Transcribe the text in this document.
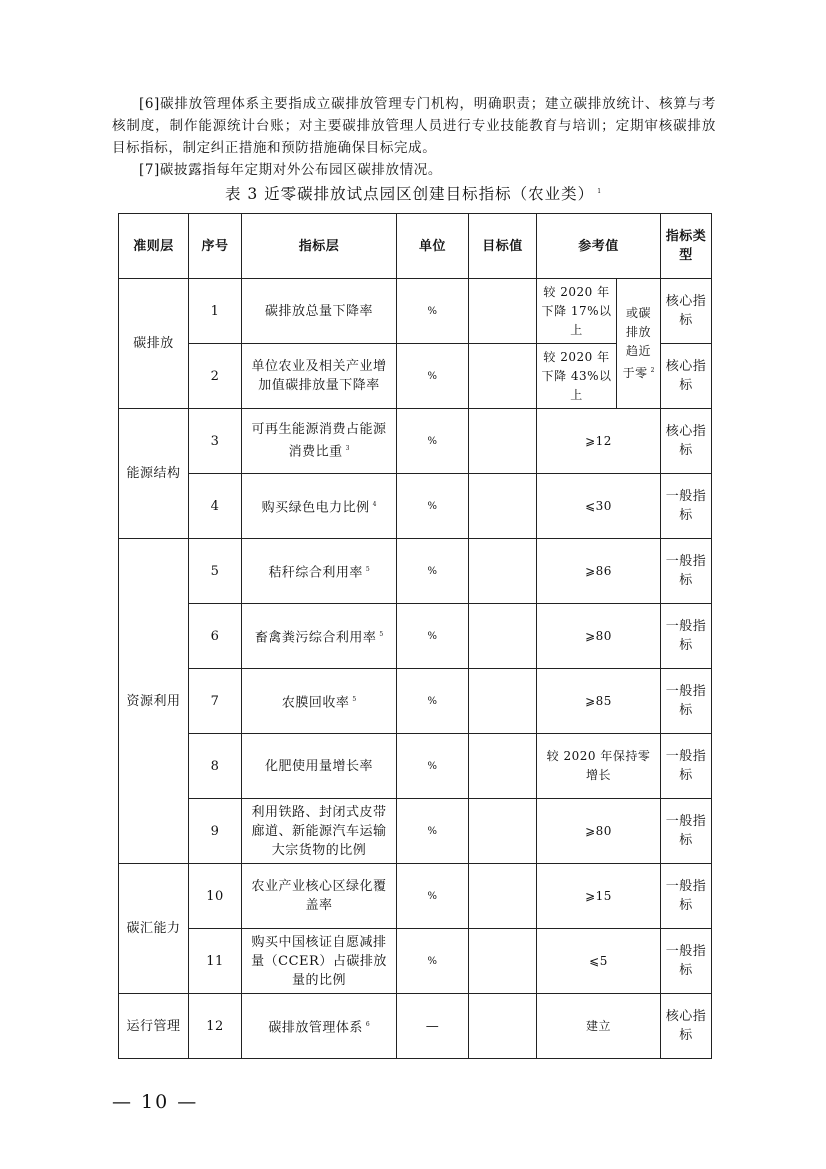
[6]碳排放管理体系主要指成立碳排放管理专门机构，明确职责；建立碳排放统计、核算与考核制度，制作能源统计台账；对主要碳排放管理人员进行专业技能教育与培训；定期审核碳排放目标指标，制定纠正措施和预防措施确保目标完成。

[7]碳披露指每年定期对外公布园区碳排放情况。

表 3 近零碳排放试点园区创建目标指标（农业类） $^1$
准则层	序号	指标层	单位	目标值	参考值		指标类型
碳排放	1	碳排放总量下降率	%		较 2020 年下降 17%以上	或碳排放趋近于零 $^2$	核心指标
	2	单位农业及相关产业增加值碳排放量下降率	%		较 2020 年下降 43%以上		核心指标
能源结构	3	可再生能源消费占能源消费比重 $^3$	%		⩾12		核心指标
	4	购买绿色电力比例 $^4$	%		⩽30		一般指标
资源利用	5	秸秆综合利用率 $^5$	%		⩾86		一般指标
	6	畜禽粪污综合利用率 $^5$	%		⩾80		一般指标
	7	农膜回收率 $^5$	%		⩾85		一般指标
	8	化肥使用量增长率	%		较 2020 年保持零增长		一般指标
	9	利用铁路、封闭式皮带廊道、新能源汽车运输大宗货物的比例	%		⩾80		一般指标
碳汇能力	10	农业产业核心区绿化覆盖率	%		⩾15		一般指标
	11	购买中国核证自愿减排量（CCER）占碳排放量的比例	%		⩽5		一般指标
运行管理	12	碳排放管理体系 $^6$	—		建立		核心指标
— 10 —
